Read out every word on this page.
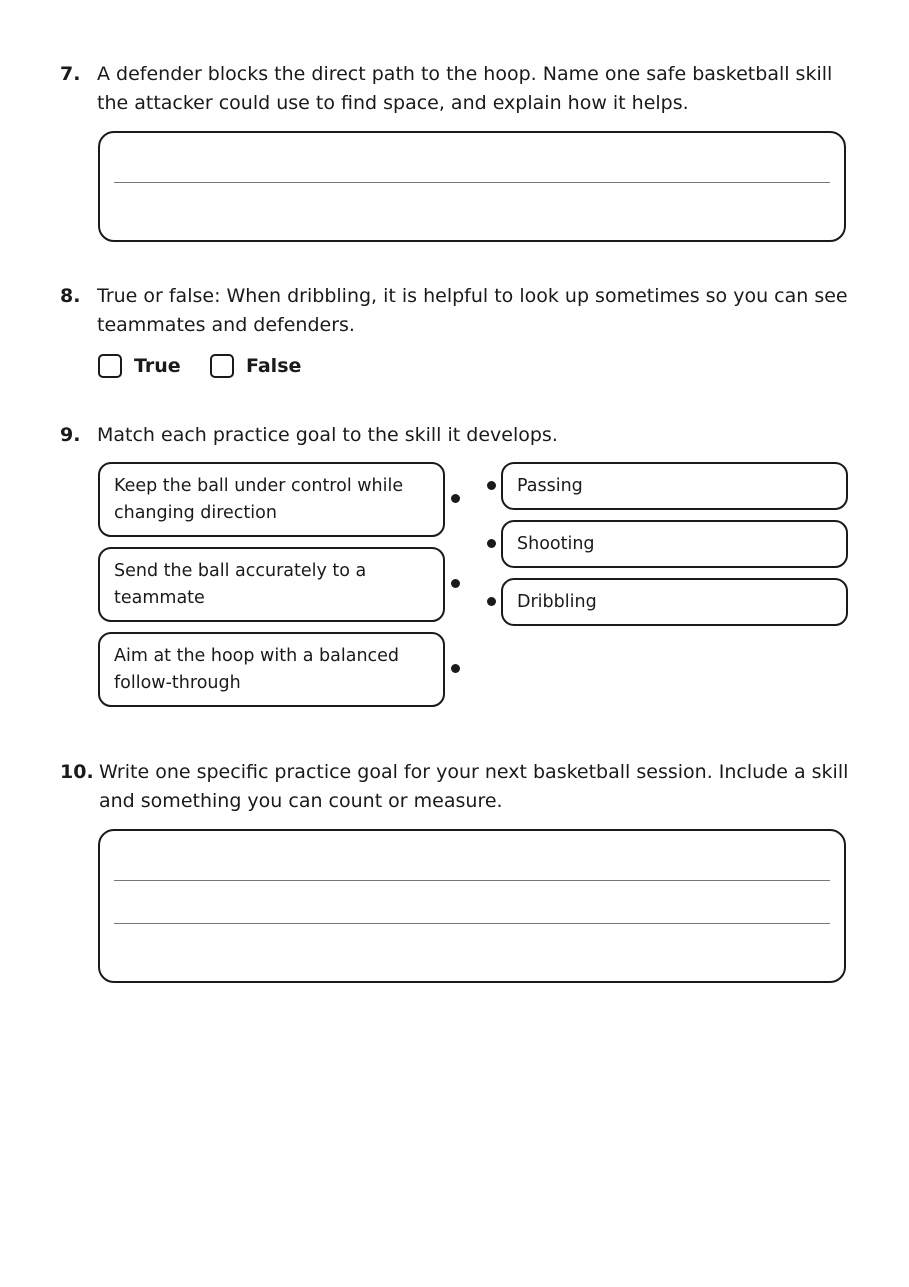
7. A defender blocks the direct path to the hoop. Name one safe basketball skill the attacker could use to find space, and explain how it helps.
8. True or false: When dribbling, it is helpful to look up sometimes so you can see teammates and defenders.
True	False
9. Match each practice goal to the skill it develops.
Keep the ball under control while changing direction
Send the ball accurately to a teammate
Aim at the hoop with a balanced follow-through
Passing
Shooting
Dribbling
10. Write one specific practice goal for your next basketball session. Include a skill and something you can count or measure.
